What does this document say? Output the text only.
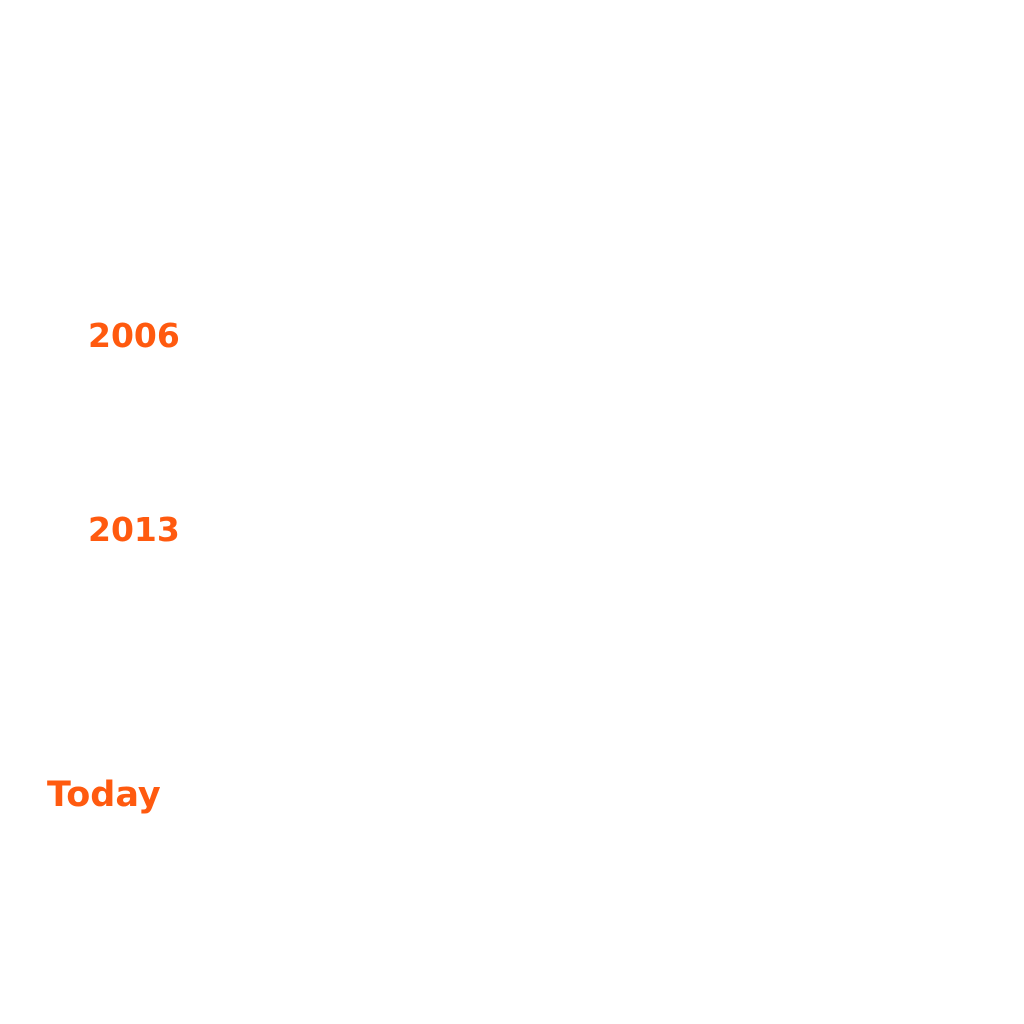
2006
2013
Today
